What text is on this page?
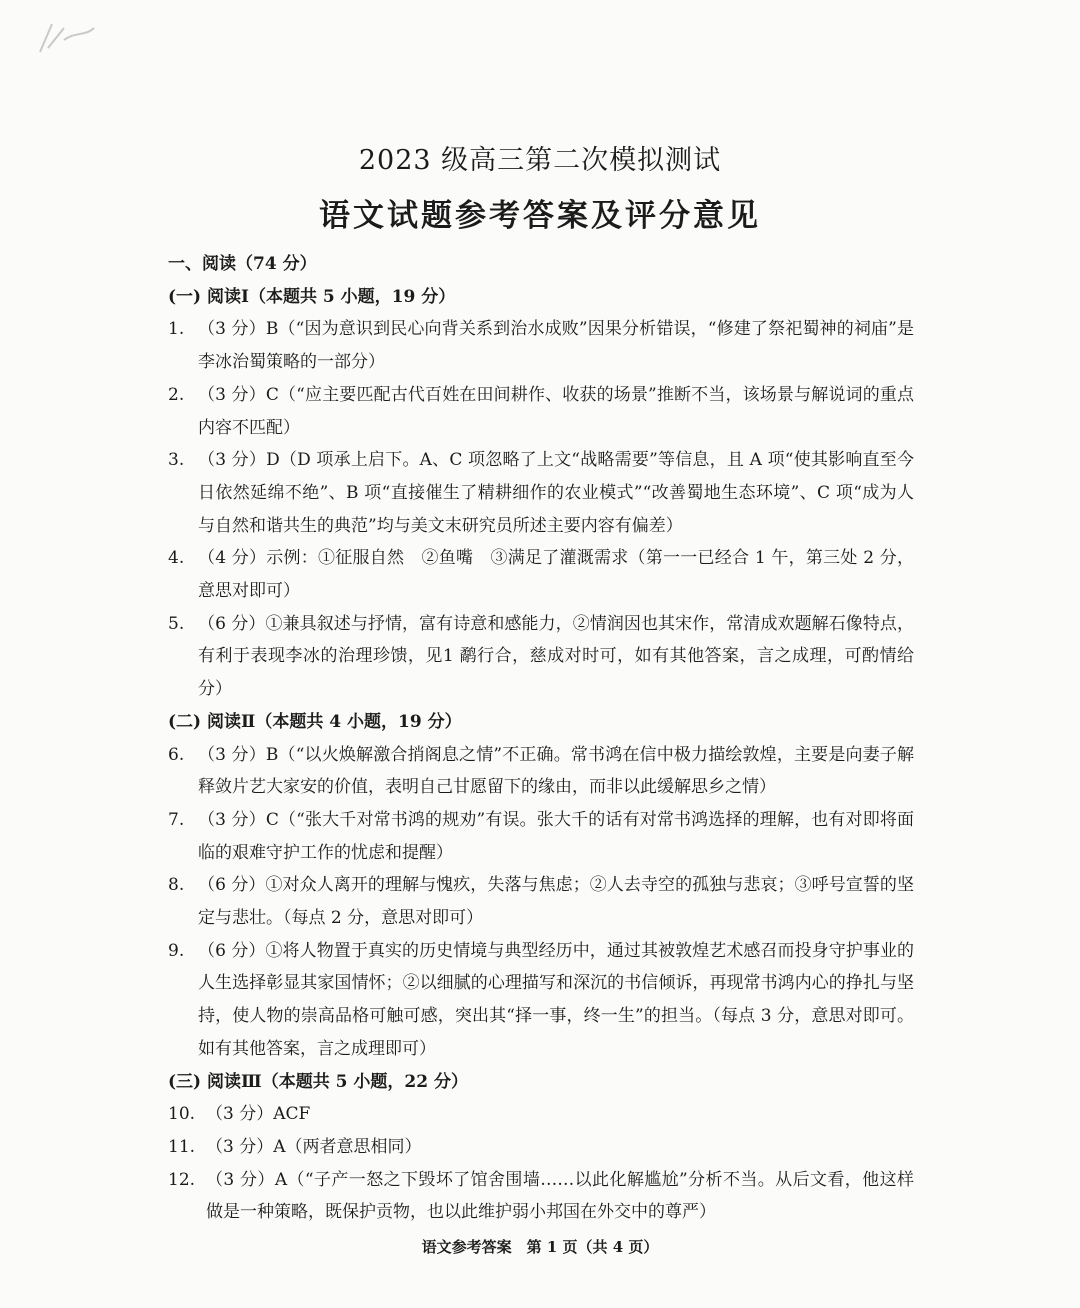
2023 级高三第二次模拟测试
语文试题参考答案及评分意见
一、阅读（74 分）
(一) 阅读Ⅰ（本题共 5 小题，19 分）
1. （3 分）B（“因为意识到民心向背关系到治水成败”因果分析错误，“修建了祭祀蜀神的祠庙”是李冰治蜀策略的一部分）
2. （3 分）C（“应主要匹配古代百姓在田间耕作、收获的场景”推断不当，该场景与解说词的重点内容不匹配）
3. （3 分）D（D 项承上启下。A、C 项忽略了上文“战略需要”等信息，且 A 项“使其影响直至今日依然延绵不绝”、B 项“直接催生了精耕细作的农业模式”“改善蜀地生态环境”、C 项“成为人与自然和谐共生的典范”均与美文末研究员所述主要内容有偏差）
4. （4 分）示例：①征服自然　②鱼嘴　③满足了灌溉需求（第一一已经合 1 午，第三处 2 分，意思对即可）
5. （6 分）①兼具叙述与抒情，富有诗意和感能力，②情润因也其宋作，常清成欢题解石像特点，有利于表现李冰的治理珍馈，见1 鹬行合，慈成对时可，如有其他答案，言之成理，可酌情给分）
(二) 阅读Ⅱ（本题共 4 小题，19 分）
6. （3 分）B（“以火焕解激合捎阁息之情”不正确。常书鸿在信中极力描绘敦煌，主要是向妻子解释敛片艺大家安的价值，表明自己甘愿留下的缘由，而非以此缓解思乡之情）
7. （3 分）C（“张大千对常书鸿的规劝”有误。张大千的话有对常书鸿选择的理解，也有对即将面临的艰难守护工作的忧虑和提醒）
8. （6 分）①对众人离开的理解与愧疚，失落与焦虑；②人去寺空的孤独与悲哀；③呼号宣誓的坚定与悲壮。（每点 2 分，意思对即可）
9. （6 分）①将人物置于真实的历史情境与典型经历中，通过其被敦煌艺术感召而投身守护事业的人生选择彰显其家国情怀；②以细腻的心理描写和深沉的书信倾诉，再现常书鸿内心的挣扎与坚持，使人物的崇高品格可触可感，突出其“择一事，终一生”的担当。（每点 3 分，意思对即可。如有其他答案，言之成理即可）
(三) 阅读Ⅲ（本题共 5 小题，22 分）
10. （3 分）ACF
11. （3 分）A（两者意思相同）
12. （3 分）A（“子产一怒之下毁坏了馆舍围墙……以此化解尴尬”分析不当。从后文看，他这样做是一种策略，既保护贡物，也以此维护弱小邦国在外交中的尊严）
语文参考答案　第 1 页（共 4 页）
